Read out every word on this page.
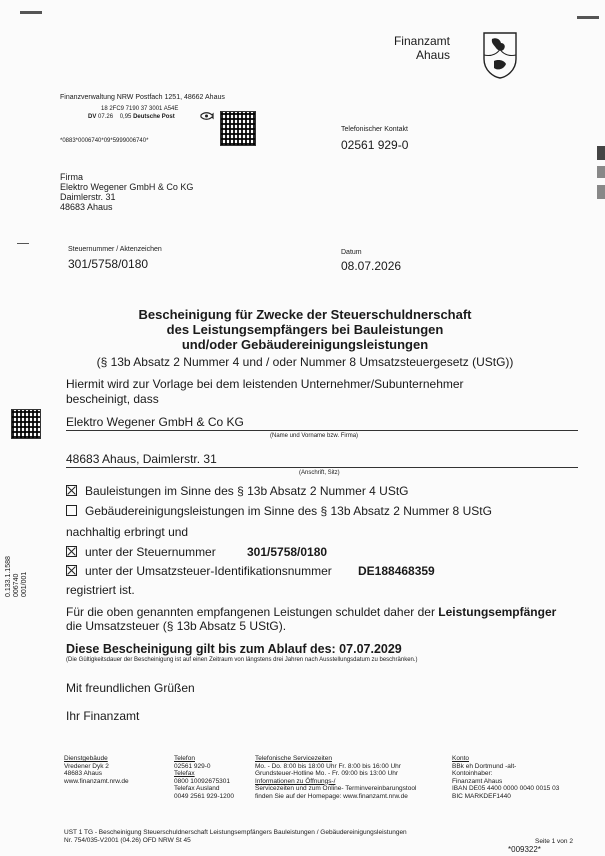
Finanzamt
Ahaus
Finanzverwaltung NRW Postfach 1251, 48662 Ahaus
18 2FC9 7190 37 3001 A54E
DV 07.26 0,95 Deutsche Post
*0883*0006740*09*5999006740*
Telefonischer Kontakt
02561 929-0
Firma
Elektro Wegener GmbH & Co KG
Daimlerstr. 31
48683 Ahaus
Steuernummer / Aktenzeichen
301/5758/0180
Datum
08.07.2026
Bescheinigung für Zwecke der Steuerschuldnerschaft
des Leistungsempfängers bei Bauleistungen
und/oder Gebäudereinigungsleistungen
(§ 13b Absatz 2 Nummer 4 und / oder Nummer 8 Umsatzsteuergesetz (UStG))
Hiermit wird zur Vorlage bei dem leistenden Unternehmer/Subunternehmer
bescheinigt, dass
Elektro Wegener GmbH & Co KG
(Name und Vorname bzw. Firma)
48683 Ahaus, Daimlerstr. 31
(Anschrift, Sitz)
0.133.1.1588 006740 001/001
Bauleistungen im Sinne des § 13b Absatz 2 Nummer 4 UStG
Gebäudereinigungsleistungen im Sinne des § 13b Absatz 2 Nummer 8 UStG
nachhaltig erbringt und
unter der Steuernummer	301/5758/0180
unter der Umsatzsteuer-Identifikationsnummer DE188468359
registriert ist.
Für die oben genannten empfangenen Leistungen schuldet daher der Leistungsempfänger
die Umsatzsteuer (§ 13b Absatz 5 UStG).
Diese Bescheinigung gilt bis zum Ablauf des: 07.07.2029
(Die Gültigkeitsdauer der Bescheinigung ist auf einen Zeitraum von längstens drei Jahren nach Ausstellungsdatum zu beschränken.)
Mit freundlichen Grüßen
Ihr Finanzamt
Dienstgebäude
Vredener Dyk 2
48683 Ahaus
www.finanzamt.nrw.de
Telefon
02561 929-0
Telefax
0800 10092675301
Telefax Ausland
0049 2561 929-1200
Telefonische Servicezeiten
Mo. - Do. 8:00 bis 18:00 Uhr Fr. 8:00 bis 16:00 Uhr
Grundsteuer-Hotline Mo. - Fr. 09:00 bis 13:00 Uhr
Informationen zu Öffnungs-/
Servicezeiten und zum Online- Terminvereinbarungstool
finden Sie auf der Homepage: www.finanzamt.nrw.de
Konto
BBk eh Dortmund -alt-
Kontoinhaber:
Finanzamt Ahaus
IBAN DE05 4400 0000 0040 0015 03
BIC MARKDEF1440
UST 1 TG - Bescheinigung Steuerschuldnerschaft Leistungsempfängers Bauleistungen / Gebäudereinigungsleistungen
Nr. 754/035-V2001 (04.26) OFD NRW St 45	Seite 1 von 2
*009322*
